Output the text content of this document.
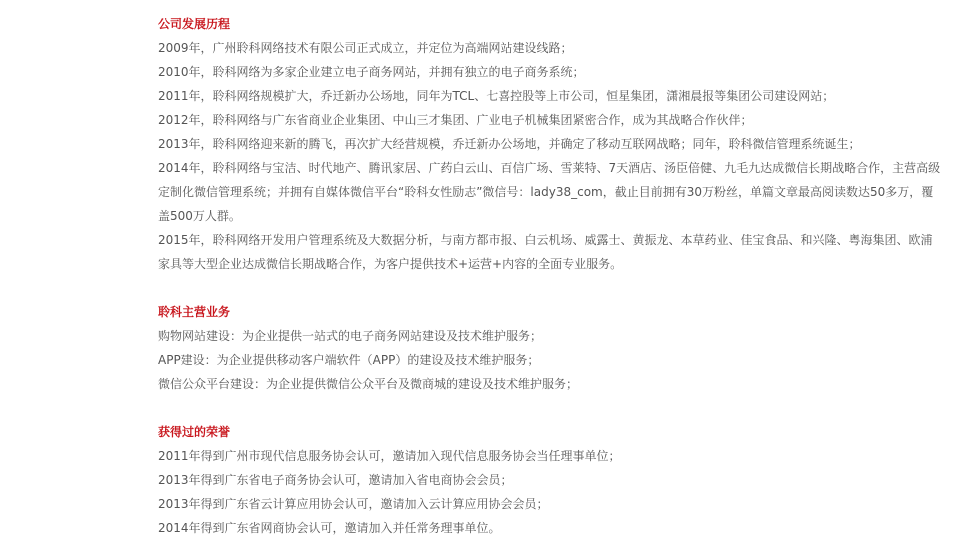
公司发展历程

2009年，广州聆科网络技术有限公司正式成立，并定位为高端网站建设线路；

2010年，聆科网络为多家企业建立电子商务网站，并拥有独立的电子商务系统；

2011年，聆科网络规模扩大，乔迁新办公场地，同年为TCL、七喜控股等上市公司，恒星集团，潇湘晨报等集团公司建设网站；

2012年，聆科网络与广东省商业企业集团、中山三才集团、广业电子机械集团紧密合作，成为其战略合作伙伴；

2013年，聆科网络迎来新的腾飞，再次扩大经营规模，乔迁新办公场地，并确定了移动互联网战略；同年，聆科微信管理系统诞生；

2014年，聆科网络与宝洁、时代地产、腾讯家居、广药白云山、百信广场、雪莱特、7天酒店、汤臣倍健、九毛九达成微信长期战略合作，主营高级定制化微信管理系统；并拥有自媒体微信平台“聆科女性励志”微信号：lady38_com，截止目前拥有30万粉丝，单篇文章最高阅读数达50多万，覆盖500万人群。

2015年，聆科网络开发用户管理系统及大数据分析，与南方都市报、白云机场、威露士、黄振龙、本草药业、佳宝食品、和兴隆、粤海集团、欧浦家具等大型企业达成微信长期战略合作，为客户提供技术+运营+内容的全面专业服务。

聆科主营业务

购物网站建设：为企业提供一站式的电子商务网站建设及技术维护服务；

APP建设：为企业提供移动客户端软件（APP）的建设及技术维护服务；

微信公众平台建设：为企业提供微信公众平台及微商城的建设及技术维护服务；

获得过的荣誉

2011年得到广州市现代信息服务协会认可，邀请加入现代信息服务协会当任理事单位；

2013年得到广东省电子商务协会认可，邀请加入省电商协会会员；

2013年得到广东省云计算应用协会认可，邀请加入云计算应用协会会员；

2014年得到广东省网商协会认可，邀请加入并任常务理事单位。
